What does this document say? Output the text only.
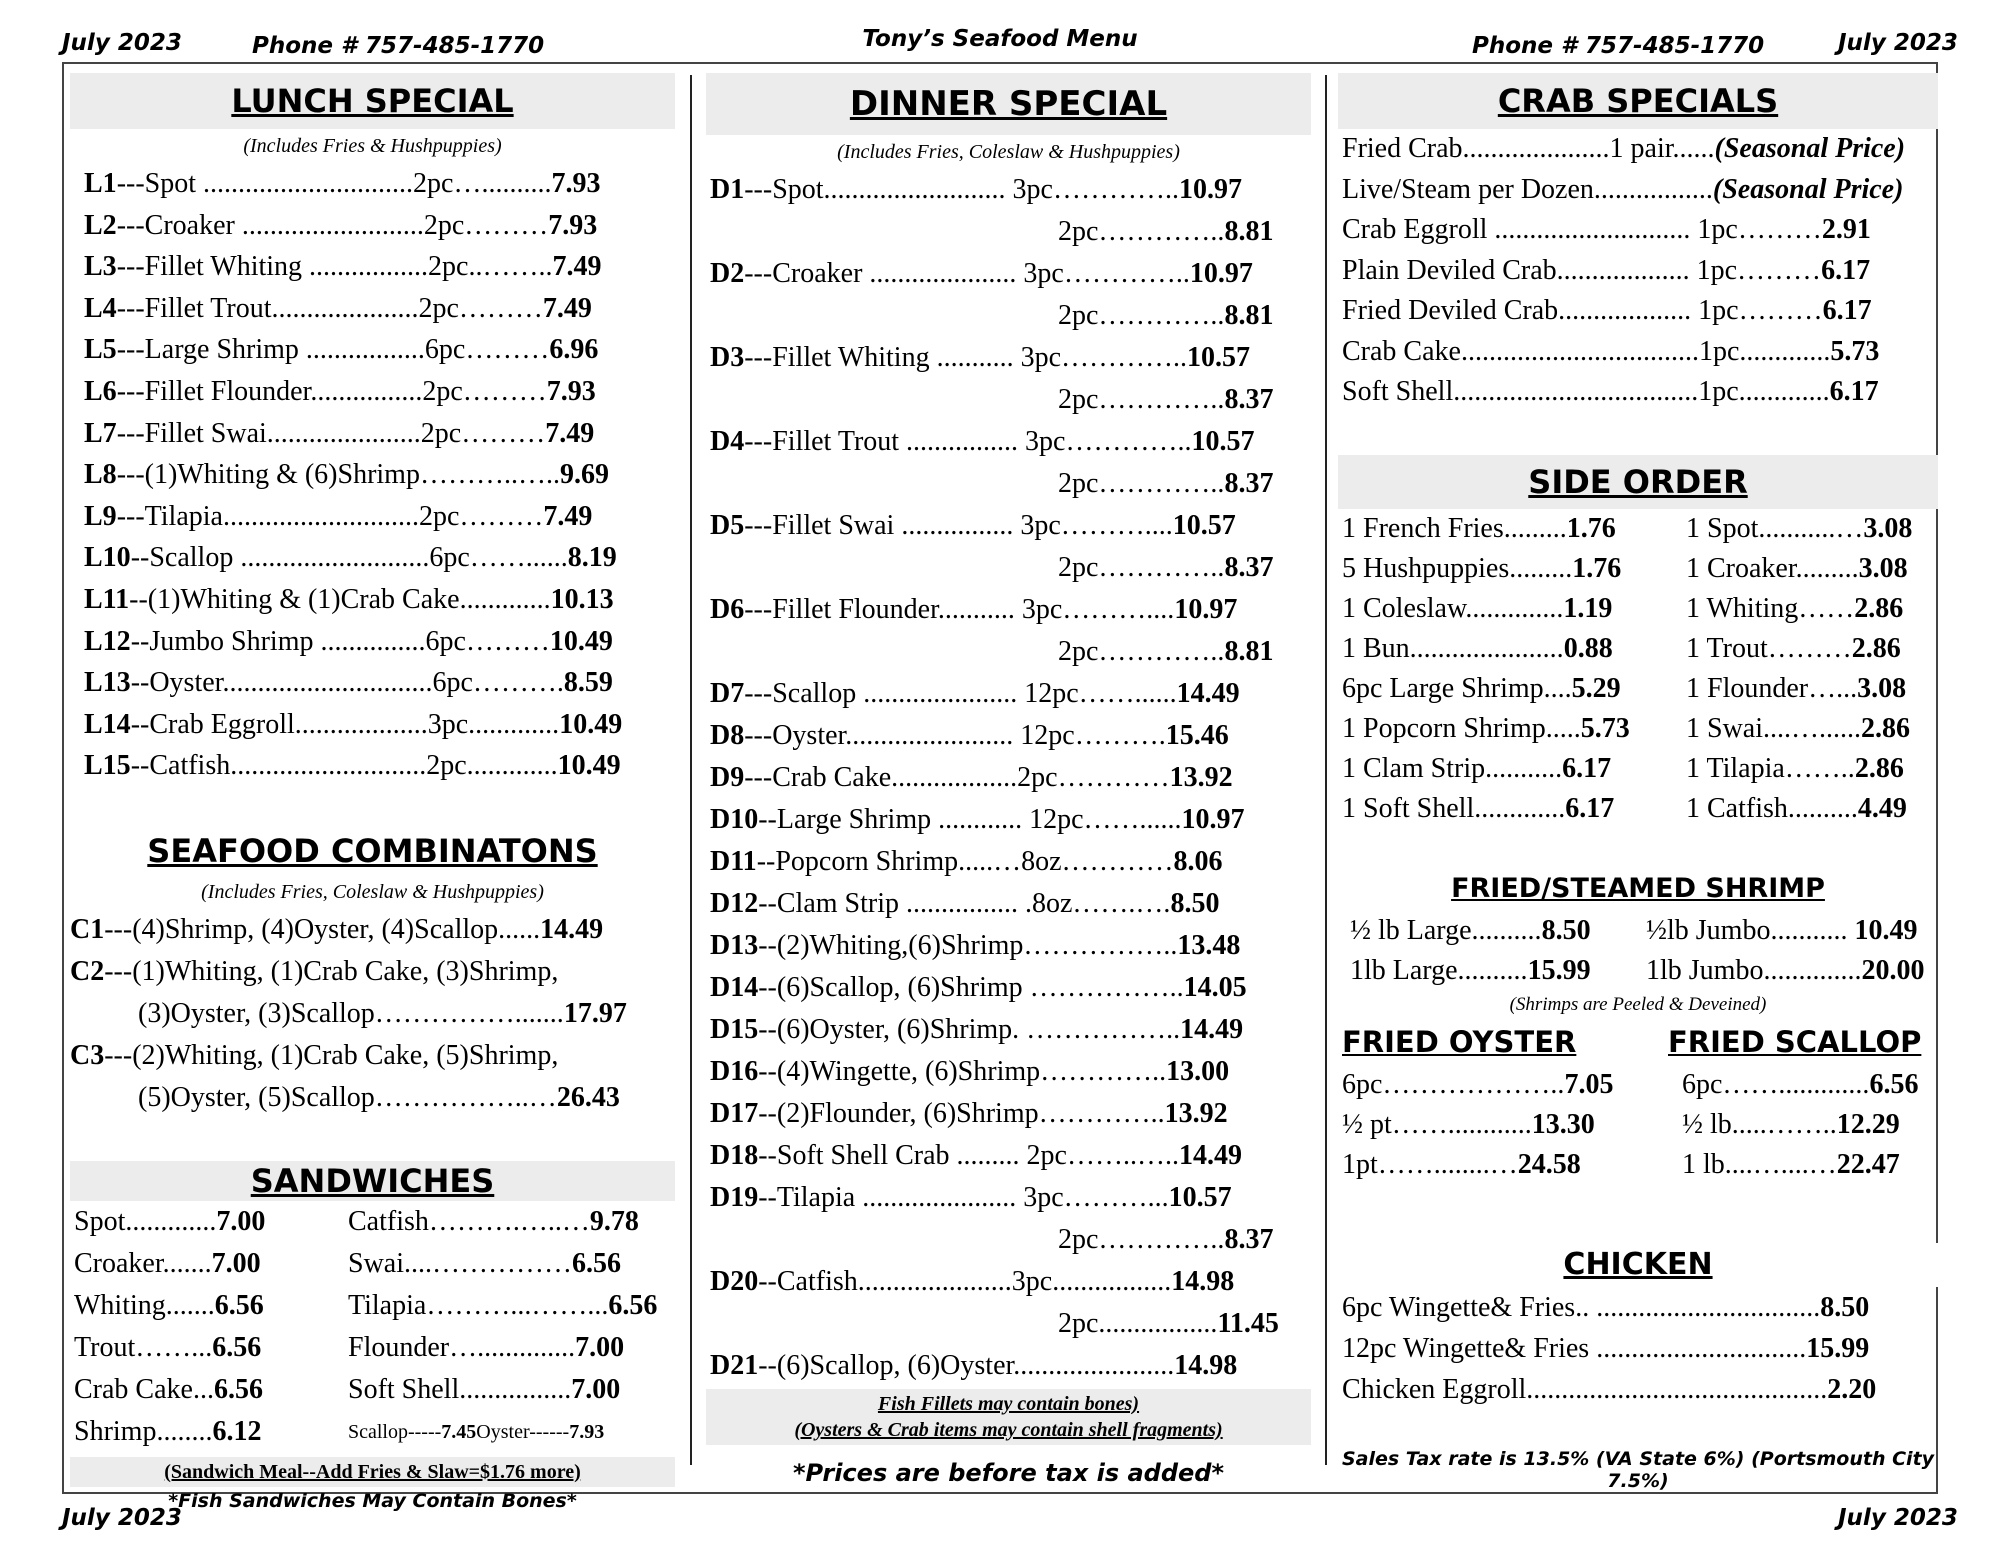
July 2023	Phone # 757-485-1770	Tony’s Seafood Menu	Phone # 757-485-1770	July 2023
LUNCH SPECIAL
(Includes Fries & Hushpuppies)
L1 ---Spot ..............................2pc….......... 7.93
L2 ---Croaker ..........................2pc……… 7.93
L3 ---Fillet Whiting .................2pc..…….. 7.49
L4 ---Fillet Trout.....................2pc……… 7.49
L5 ---Large Shrimp .................6pc……… 6.96
L6 ---Fillet Flounder................2pc……… 7.93
L7 ---Fillet Swai......................2pc……… 7.49
L8 ---(1)Whiting & (6)Shrimp………..….. 9.69
L9 ---Tilapia............................2pc……… 7.49
L10 --Scallop ...........................6pc……...... 8.19
L11 --(1)Whiting & (1)Crab Cake............. 10.13
L12 --Jumbo Shrimp ...............6pc……… 10.49
L13 --Oyster..............................6pc………. 8.59
L14 --Crab Eggroll...................3pc............. 10.49
L15 --Catfish............................2pc............. 10.49
SEAFOOD COMBINATONS
(Includes Fries, Coleslaw & Hushpuppies)
C1 ---(4)Shrimp, (4)Oyster, (4)Scallop...... 14.49
C2 ---(1)Whiting, (1)Crab Cake, (3)Shrimp,
(3)Oyster, (3)Scallop……………....... 17.97
C3 ---(2)Whiting, (1)Crab Cake, (5)Shrimp,
(5)Oyster, (5)Scallop……………..… 26.43
SANDWICHES
Spot.............7.00	Catfish……….…..…9.78
Croaker.......7.00	Swai....……………6.56
Whiting.......6.56	Tilapia………...……...6.56
Trout……...6.56	Flounder…..............7.00
Crab Cake...6.56	Soft Shell................7.00
Shrimp........6.12	Scallop-----7.45Oyster------7.93
(Sandwich Meal--Add Fries & Slaw=$1.76 more)
*Fish Sandwiches May Contain Bones*
DINNER SPECIAL
(Includes Fries, Coleslaw & Hushpuppies)
D1 ---Spot.......................... 3pc………….. 10.97
2pc………….. 8.81
D2 ---Croaker ..................... 3pc………….. 10.97
2pc………….. 8.81
D3 ---Fillet Whiting ........... 3pc………….. 10.57
2pc………….. 8.37
D4 ---Fillet Trout ................ 3pc………….. 10.57
2pc………….. 8.37
D5 ---Fillet Swai ................ 3pc……….... 10.57
2pc………….. 8.37
D6 ---Fillet Flounder........... 3pc……….... 10.97
2pc………….. 8.81
D7 ---Scallop ...................... 12pc……...... 14.49
D8 ---Oyster........................ 12pc………. 15.46
D9 ---Crab Cake..................2pc………… 13.92
D10 --Large Shrimp ............ 12pc……...... 10.97
D11 --Popcorn Shrimp.....…8oz………… 8.06
D12 --Clam Strip ................ .8oz…….…. 8.50
D13 --(2)Whiting,(6)Shrimp…………….. 13.48
D14 --(6)Scallop, (6)Shrimp …………….. 14.05
D15 --(6)Oyster, (6)Shrimp. …………….. 14.49
D16 --(4)Wingette, (6)Shrimp………….. 13.00
D17 --(2)Flounder, (6)Shrimp………….. 13.92
D18 --Soft Shell Crab ......... 2pc……..….. 14.49
D19 --Tilapia ...................... 3pc………... 10.57
2pc………….. 8.37
D20 --Catfish......................3pc................. 14.98
2pc................. 11.45
D21 --(6)Scallop, (6)Oyster....................... 14.98
Fish Fillets may contain bones)
(Oysters & Crab items may contain shell fragments)
*Prices are before tax is added*
CRAB SPECIALS
Fried Crab.....................1 pair...... (Seasonal Price)
Live/Steam per Dozen................. (Seasonal Price)
Crab Eggroll ............................ 1pc……… 2.91
Plain Deviled Crab................... 1pc……… 6.17
Fried Deviled Crab................... 1pc……… 6.17
Crab Cake..................................1pc............. 5.73
Soft Shell...................................1pc............. 6.17
SIDE ORDER
1 French Fries.........1.76	1 Spot...........…3.08
5 Hushpuppies.........1.76	1 Croaker.........3.08
1 Coleslaw..............1.19	1 Whiting……2.86
1 Bun......................0.88	1 Trout………2.86
6pc Large Shrimp....5.29	1 Flounder…...3.08
1 Popcorn Shrimp.....5.73	1 Swai....…......2.86
1 Clam Strip...........6.17	1 Tilapia……..2.86
1 Soft Shell.............6.17	1 Catfish..........4.49
FRIED/STEAMED SHRIMP
½ lb Large..........8.50	½lb Jumbo........... 10.49
1lb Large..........15.99	1lb Jumbo..............20.00
(Shrimps are Peeled & Deveined)
FRIED OYSTER
6pc……………….. 7.05
½ pt……............ 13.30
1pt……........… 24.58
FRIED SCALLOP
6pc……............. 6.56
½ lb.....…….. 12.29
1 lb....…....… 22.47
CHICKEN
6pc Wingette& Fries.. ................................ 8.50
12pc Wingette& Fries .............................. 15.99
Chicken Eggroll........................................... 2.20
Sales Tax rate is 13.5% (VA State 6%) (Portsmouth City 7.5%)
July 2023	July 2023
